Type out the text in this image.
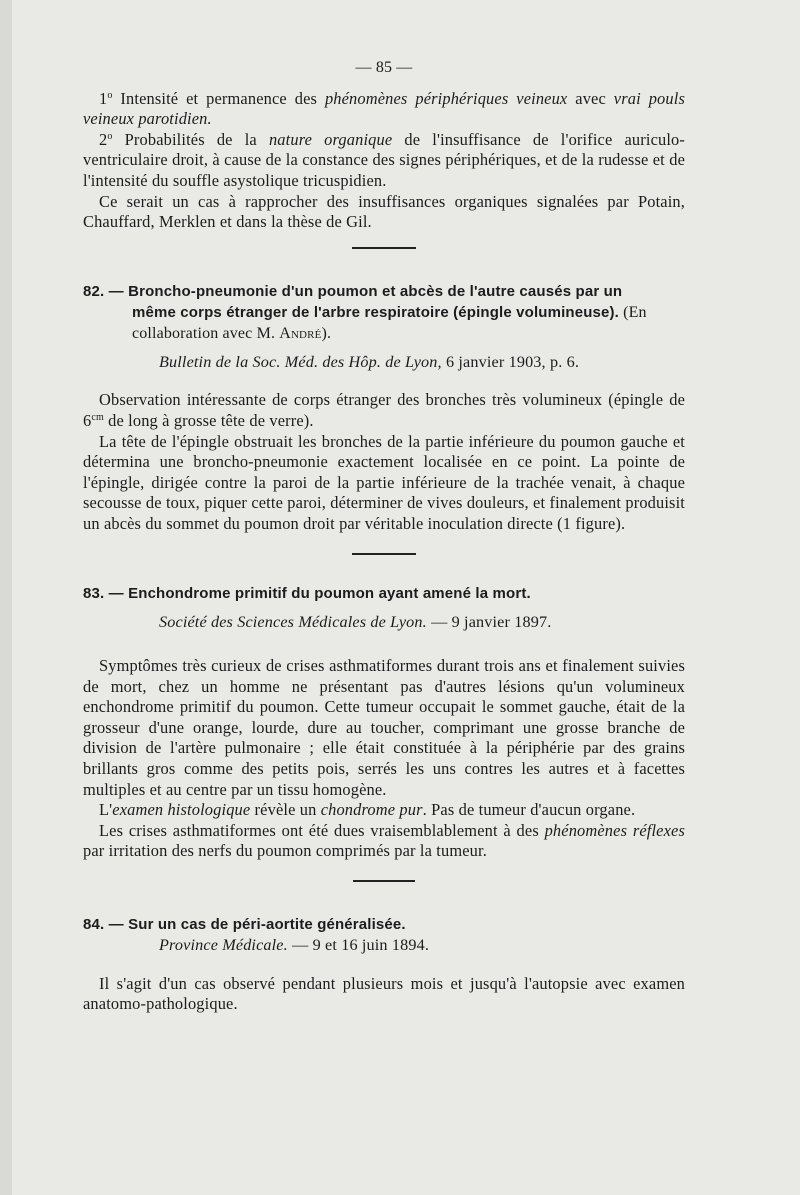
— 85 —

1$^o$ Intensité et permanence des phénomènes périphériques veineux avec vrai pouls veineux parotidien.

2$^o$ Probabilités de la nature organique de l'insuffisance de l'orifice auriculo-ventriculaire droit, à cause de la constance des signes périphériques, et de la rudesse et de l'intensité du souffle asystolique tricuspidien.

Ce serait un cas à rapprocher des insuffisances organiques signalées par Potain, Chauffard, Merklen et dans la thèse de Gil.

82. — Broncho-pneumonie d'un poumon et abcès de l'autre causés par un
même corps étranger de l'arbre respiratoire (épingle volumineuse). (En collaboration avec M. André).
Bulletin de la Soc. Méd. des Hôp. de Lyon, 6 janvier 1903, p. 6.

Observation intéressante de corps étranger des bronches très volumineux (épingle de $6^{cm}$ de long à grosse tête de verre).

La tête de l'épingle obstruait les bronches de la partie inférieure du poumon gauche et détermina une broncho-pneumonie exactement localisée en ce point. La pointe de l'épingle, dirigée contre la paroi de la partie inférieure de la trachée venait, à chaque secousse de toux, piquer cette paroi, déterminer de vives douleurs, et finalement produisit un abcès du sommet du poumon droit par véritable inoculation directe (1 figure).

83. — Enchondrome primitif du poumon ayant amené la mort.
Société des Sciences Médicales de Lyon. — 9 janvier 1897.

Symptômes très curieux de crises asthmatiformes durant trois ans et finalement suivies de mort, chez un homme ne présentant pas d'autres lésions qu'un volumineux enchondrome primitif du poumon. Cette tumeur occupait le sommet gauche, était de la grosseur d'une orange, lourde, dure au toucher, comprimant une grosse branche de division de l'artère pulmonaire ; elle était constituée à la périphérie par des grains brillants gros comme des petits pois, serrés les uns contres les autres et à facettes multiples et au centre par un tissu homogène.

L'examen histologique révèle un chondrome pur. Pas de tumeur d'aucun organe.

Les crises asthmatiformes ont été dues vraisemblablement à des phénomènes réflexes par irritation des nerfs du poumon comprimés par la tumeur.

84. — Sur un cas de péri-aortite généralisée.
Province Médicale. — 9 et 16 juin 1894.

Il s'agit d'un cas observé pendant plusieurs mois et jusqu'à l'autopsie avec examen anatomo-pathologique.
